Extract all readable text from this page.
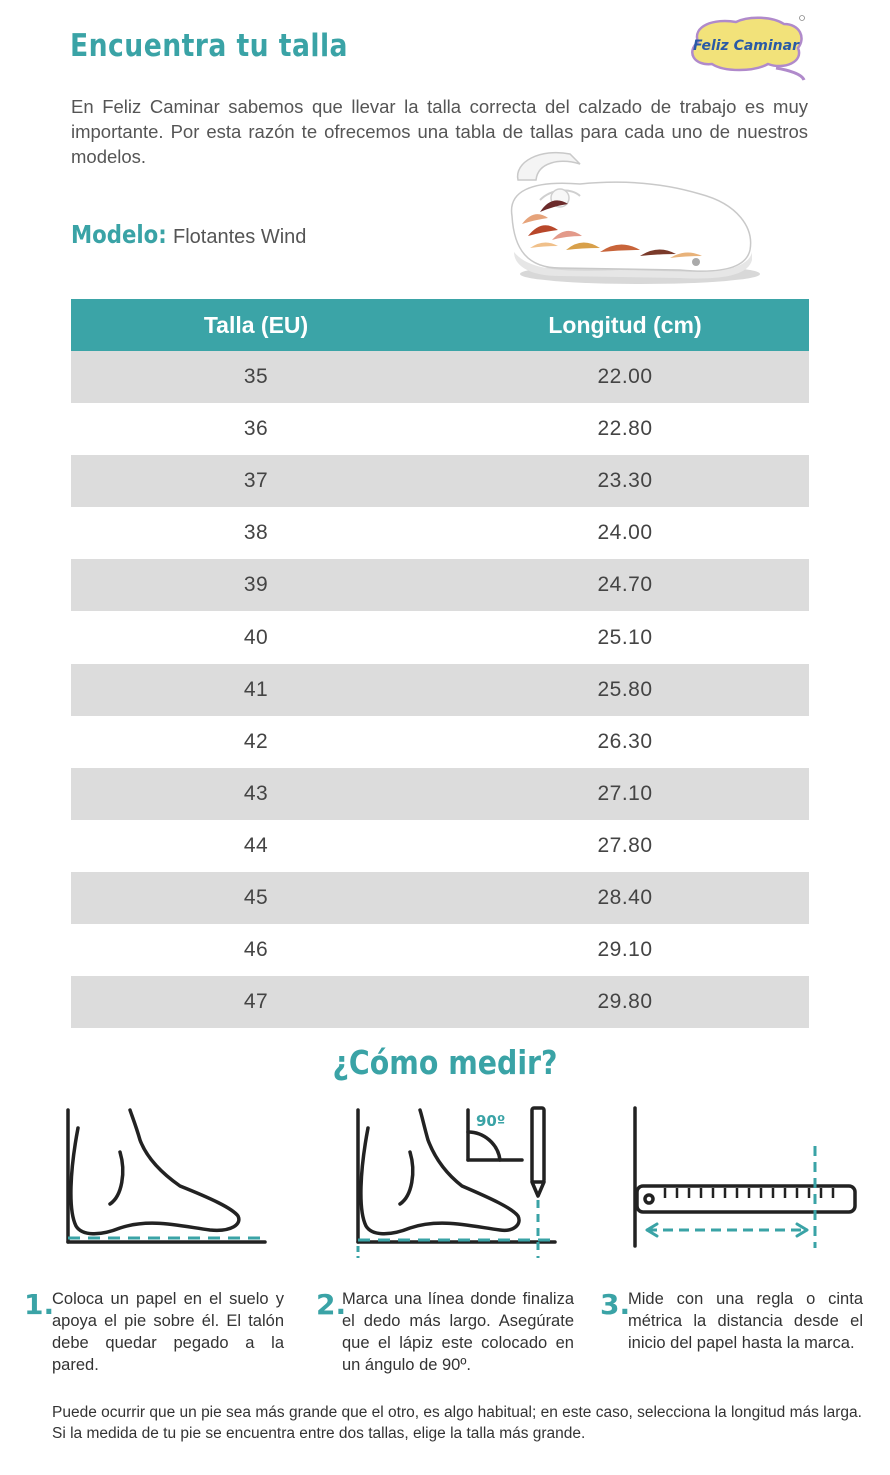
Encuentra tu talla	Feliz Caminar
En Feliz Caminar sabemos que llevar la talla correcta del calzado de trabajo es muy importante. Por esta razón te ofrecemos una tabla de tallas para cada uno de nuestros modelos.
Modelo: Flotantes Wind
Talla (EU)	Longitud (cm)
35	22.00
36	22.80
37	23.30
38	24.00
39	24.70
40	25.10
41	25.80
42	26.30
43	27.10
44	27.80
45	28.40
46	29.10
47	29.80
¿Cómo medir?
90º
1.
Coloca un papel en el suelo y apoya el pie sobre él. El talón debe quedar pegado a la pared.
2.
Marca una línea donde finaliza el dedo más largo. Asegúrate que el lápiz este colocado en un ángulo de 90º.
3.
Mide con una regla o cinta métrica la distancia desde el inicio del papel hasta la marca.
Puede ocurrir que un pie sea más grande que el otro, es algo habitual; en este caso, selecciona la longitud más larga. Si la medida de tu pie se encuentra entre dos tallas, elige la talla más grande.
